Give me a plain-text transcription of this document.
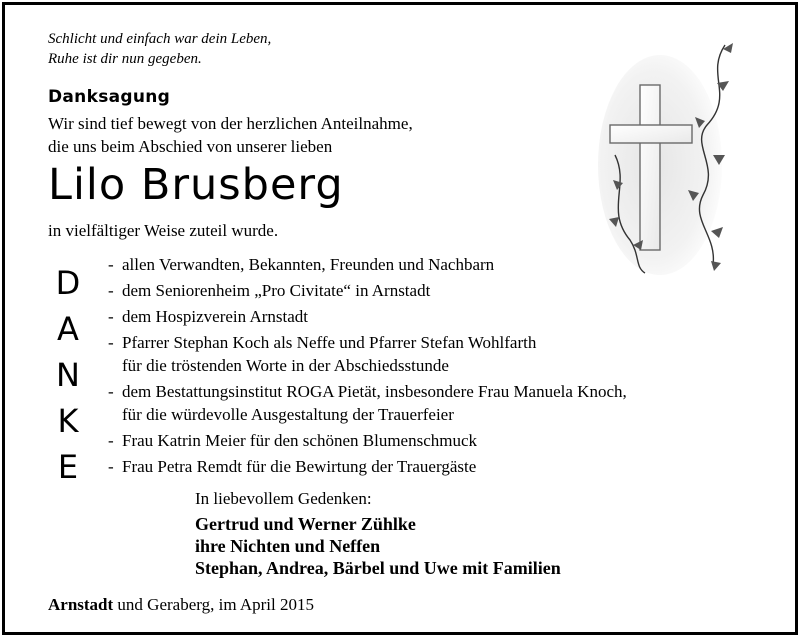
Schlicht und einfach war dein Leben,
Ruhe ist dir nun gegeben.
Danksagung
Wir sind tief bewegt von der herzlichen Anteilnahme,
die uns beim Abschied von unserer lieben
Lilo Brusberg
in vielfältiger Weise zuteil wurde.
D
A
N
K
E
- allen Verwandten, Bekannten, Freunden und Nachbarn
- dem Seniorenheim „Pro Civitate“ in Arnstadt
- dem Hospizverein Arnstadt
- Pfarrer Stephan Koch als Neffe und Pfarrer Stefan Wohlfarth
für die tröstenden Worte in der Abschiedsstunde
- dem Bestattungsinstitut ROGA Pietät, insbesondere Frau Manuela Knoch,
für die würdevolle Ausgestaltung der Trauerfeier
- Frau Katrin Meier für den schönen Blumenschmuck
- Frau Petra Remdt für die Bewirtung der Trauergäste
In liebevollem Gedenken:
Gertrud und Werner Zühlke
ihre Nichten und Neffen
Stephan, Andrea, Bärbel und Uwe mit Familien
Arnstadt und Geraberg, im April 2015
